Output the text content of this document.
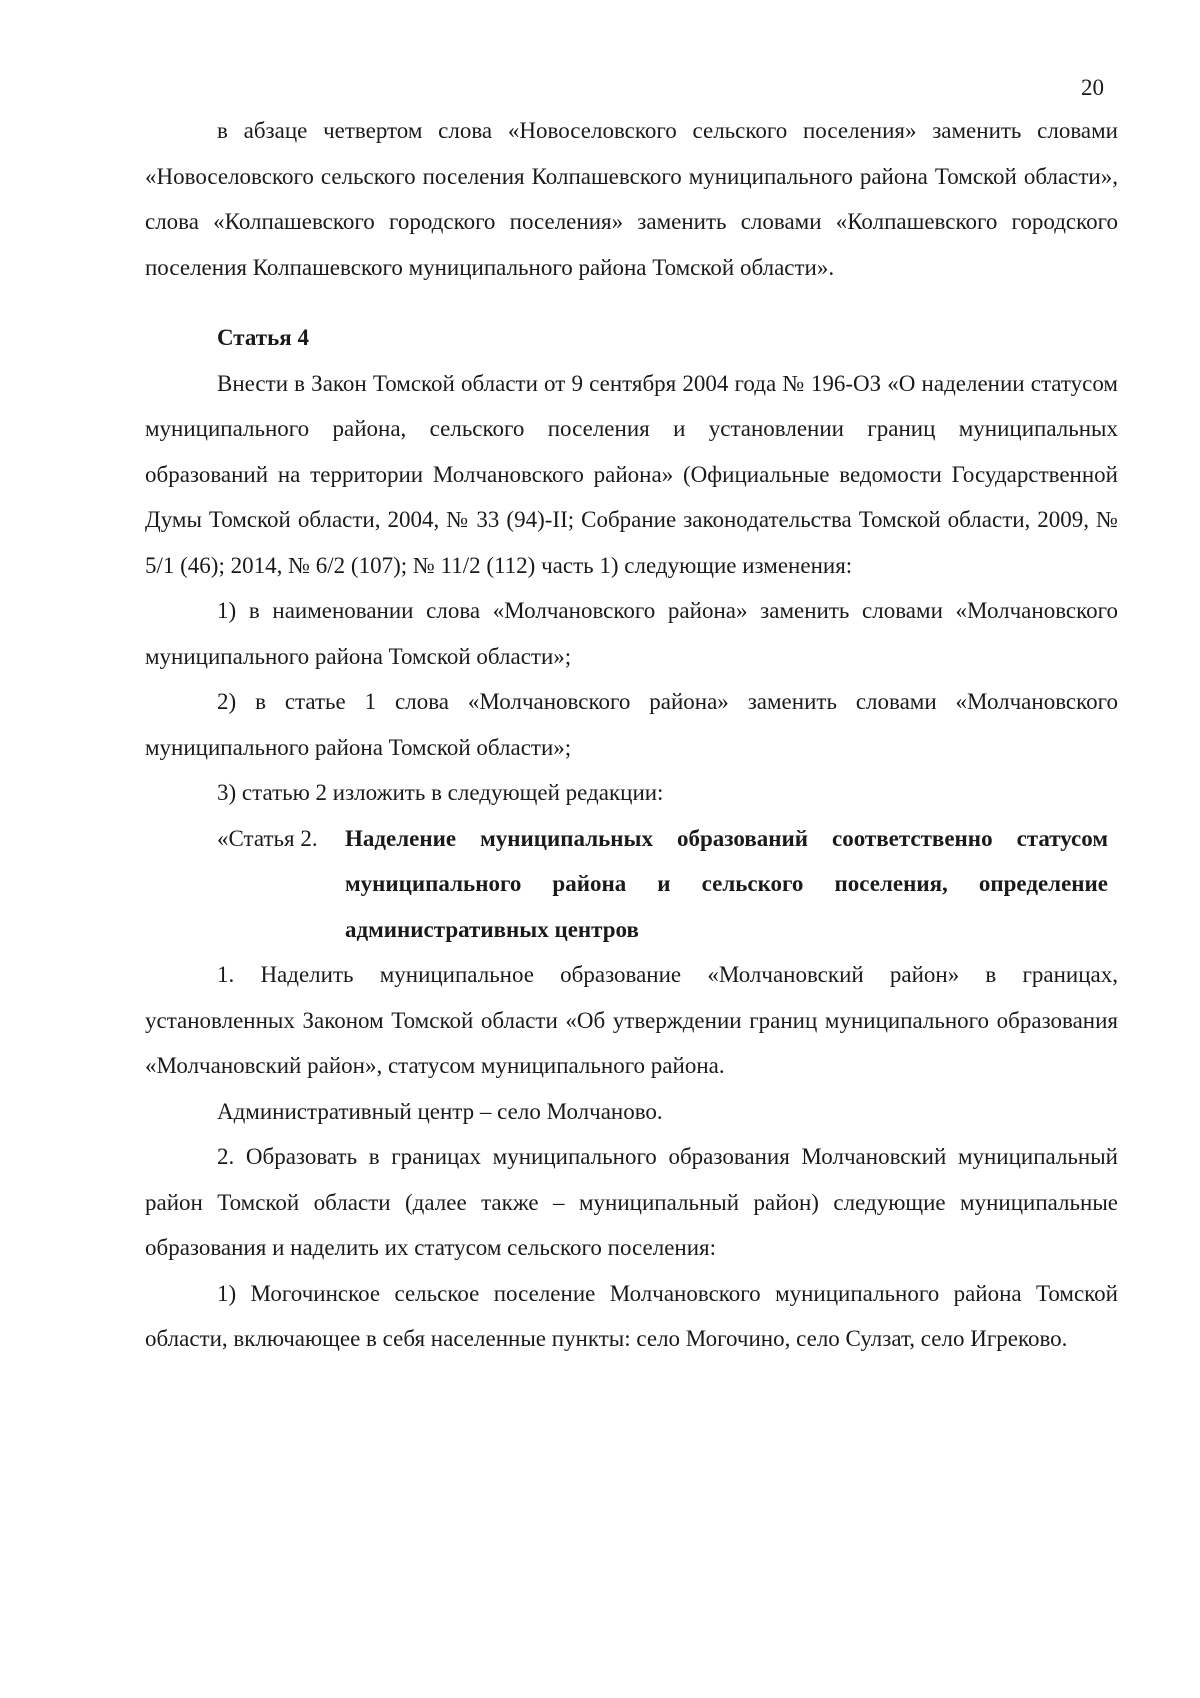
20

в абзаце четвертом слова «Новоселовского сельского поселения» заменить словами «Новоселовского сельского поселения Колпашевского муниципального района Томской области», слова «Колпашевского городского поселения» заменить словами «Колпашевского городского поселения Колпашевского муниципального района Томской области».

Статья 4

Внести в Закон Томской области от 9 сентября 2004 года № 196-ОЗ «О наделении статусом муниципального района, сельского поселения и установлении границ муниципальных образований на территории Молчановского района» (Официальные ведомости Государственной Думы Томской области, 2004, № 33 (94)-II; Собрание законодательства Томской области, 2009, № 5/1 (46); 2014, № 6/2 (107); № 11/2 (112) часть 1) следующие изменения:

1) в наименовании слова «Молчановского района» заменить словами «Молчановского муниципального района Томской области»;

2) в статье 1 слова «Молчановского района» заменить словами «Молчановского муниципального района Томской области»;

3) статью 2 изложить в следующей редакции:

«Статья 2. Наделение муниципальных образований соответственно статусом муниципального района и сельского поселения, определение административных центров

1. Наделить муниципальное образование «Молчановский район» в границах, установленных Законом Томской области «Об утверждении границ муниципального образования «Молчановский район», статусом муниципального района.

Административный центр – село Молчаново.

2. Образовать в границах муниципального образования Молчановский муниципальный район Томской области (далее также – муниципальный район) следующие муниципальные образования и наделить их статусом сельского поселения:

1) Могочинское сельское поселение Молчановского муниципального района Томской области, включающее в себя населенные пункты: село Могочино, село Сулзат, село Игреково.
